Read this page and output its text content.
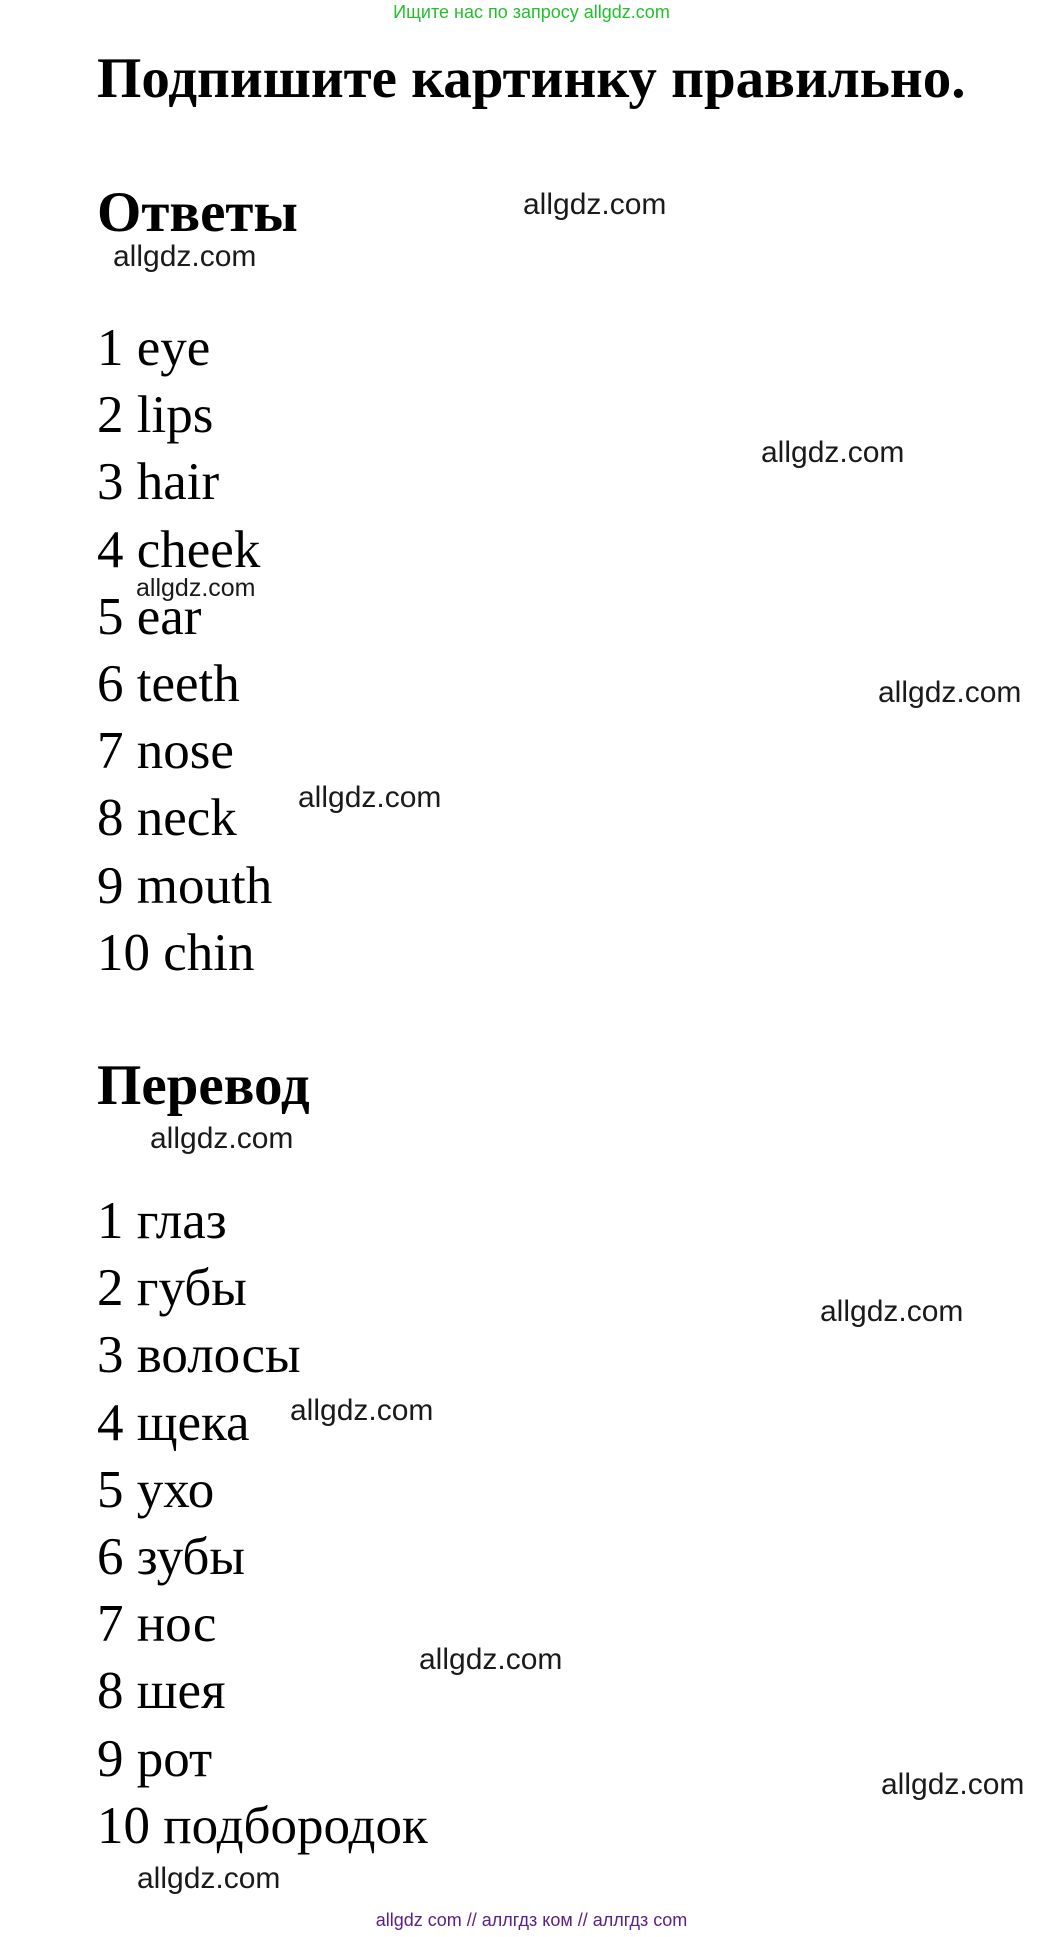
Ищите нас по запросу allgdz.com
Подпишите картинку правильно.
Ответы
1 eye
2 lips
3 hair
4 cheek
5 ear
6 teeth
7 nose
8 neck
9 mouth
10 chin
Перевод
1 глаз
2 губы
3 волосы
4 щека
5 ухо
6 зубы
7 нос
8 шея
9 рот
10 подбородок
allgdz.com
allgdz.com
allgdz.com
allgdz.com
allgdz.com
allgdz.com
allgdz.com
allgdz.com
allgdz.com
allgdz.com
allgdz.com
allgdz.com
allgdz com // аллгдз ком // аллгдз com
